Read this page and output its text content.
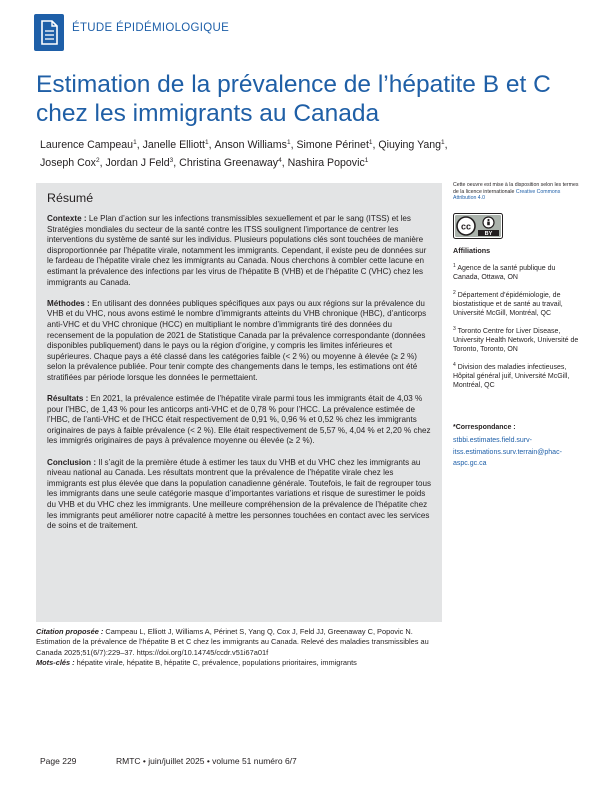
ÉTUDE ÉPIDÉMIOLOGIQUE
Estimation de la prévalence de l’hépatite B et C
chez les immigrants au Canada
Laurence Campeau$^1$, Janelle Elliott$^1$, Anson Williams$^1$, Simone Périnet$^1$, Qiuying Yang$^1$,
Joseph Cox$^2$, Jordan J Feld$^3$, Christina Greenaway$^4$, Nashira Popovic$^1$
Résumé

Contexte : Le Plan d’action sur les infections transmissibles sexuellement et par le sang (ITSS) et les Stratégies mondiales du secteur de la santé contre les ITSS soulignent l’importance de centrer les interventions du système de santé sur les individus. Plusieurs populations clés sont touchées de manière disproportionnée par l’hépatite virale, notamment les immigrants. Cependant, il existe peu de données sur le fardeau de l’hépatite virale chez les immigrants au Canada. Nous cherchons à combler cette lacune en estimant la prévalence des infections par les virus de l’hépatite B (VHB) et de l’hépatite C (VHC) chez les immigrants au Canada.

Méthodes : En utilisant des données publiques spécifiques aux pays ou aux régions sur la prévalence du VHB et du VHC, nous avons estimé le nombre d’immigrants atteints du VHB chronique (HBC), d’anticorps anti-VHC et du VHC chronique (HCC) en multipliant le nombre d’immigrants tiré des données du recensement de la population de 2021 de Statistique Canada par la prévalence correspondante (données disponibles publiquement) dans le pays ou la région d’origine, y compris les limites inférieures et supérieures. Chaque pays a été classé dans les catégories faible (< 2 %) ou moyenne à élevée (≥ 2 %) selon la prévalence publiée. Pour tenir compte des changements dans le temps, les estimations ont été stratifiées par période lorsque les données le permettaient.

Résultats : En 2021, la prévalence estimée de l’hépatite virale parmi tous les immigrants était de 4,03 % pour l’HBC, de 1,43 % pour les anticorps anti-VHC et de 0,78 % pour l’HCC. La prévalence estimée de l’HBC, de l’anti-VHC et de l’HCC était respectivement de 0,91 %, 0,96 % et 0,52 % chez les immigrants originaires de pays à faible prévalence (< 2 %). Elle était respectivement de 5,57 %, 4,04 % et 2,20 % chez les immigrés originaires de pays à prévalence moyenne ou élevée (≥ 2 %).

Conclusion : Il s’agit de la première étude à estimer les taux du VHB et du VHC chez les immigrants au niveau national au Canada. Les résultats montrent que la prévalence de l’hépatite virale chez les immigrants est plus élevée que dans la population canadienne générale. Toutefois, le fait de regrouper tous les immigrants dans une seule catégorie masque d’importantes variations et risque de surestimer le poids du VHB et du VHC chez les immigrants. Une meilleure compréhension de la prévalence de l’hépatite chez les immigrants peut améliorer notre capacité à mettre les personnes touchées en contact avec les services de soins et de traitement.

Citation proposée : Campeau L, Elliott J, Williams A, Périnet S, Yang Q, Cox J, Feld JJ, Greenaway C, Popovic N. Estimation de la prévalence de l’hépatite B et C chez les immigrants au Canada. Relevé des maladies transmissibles au Canada 2025;51(6/7):229–37. https://doi.org/10.14745/ccdr.v51i67a01f
Mots-clés : hépatite virale, hépatite B, hépatite C, prévalence, populations prioritaires, immigrants
Cette oeuvre est mise à la disposition selon les termes de la licence internationale Creative Commons Attribution 4.0
cc
BY
Affiliations
$^1$ Agence de la santé publique du Canada, Ottawa, ON
$^2$ Département d’épidémiologie, de biostatistique et de santé au travail, Université McGill, Montréal, QC
$^3$ Toronto Centre for Liver Disease, University Health Network, Université de Toronto, Toronto, ON
$^4$ Division des maladies infectieuses, Hôpital général juif, Université McGill, Montréal, QC
*Correspondance :
stbbi.estimates.field.surv-itss.estimations.surv.terrain@phac-aspc.gc.ca
Page 229	RMTC • juin/juillet 2025 • volume 51 numéro 6/7
